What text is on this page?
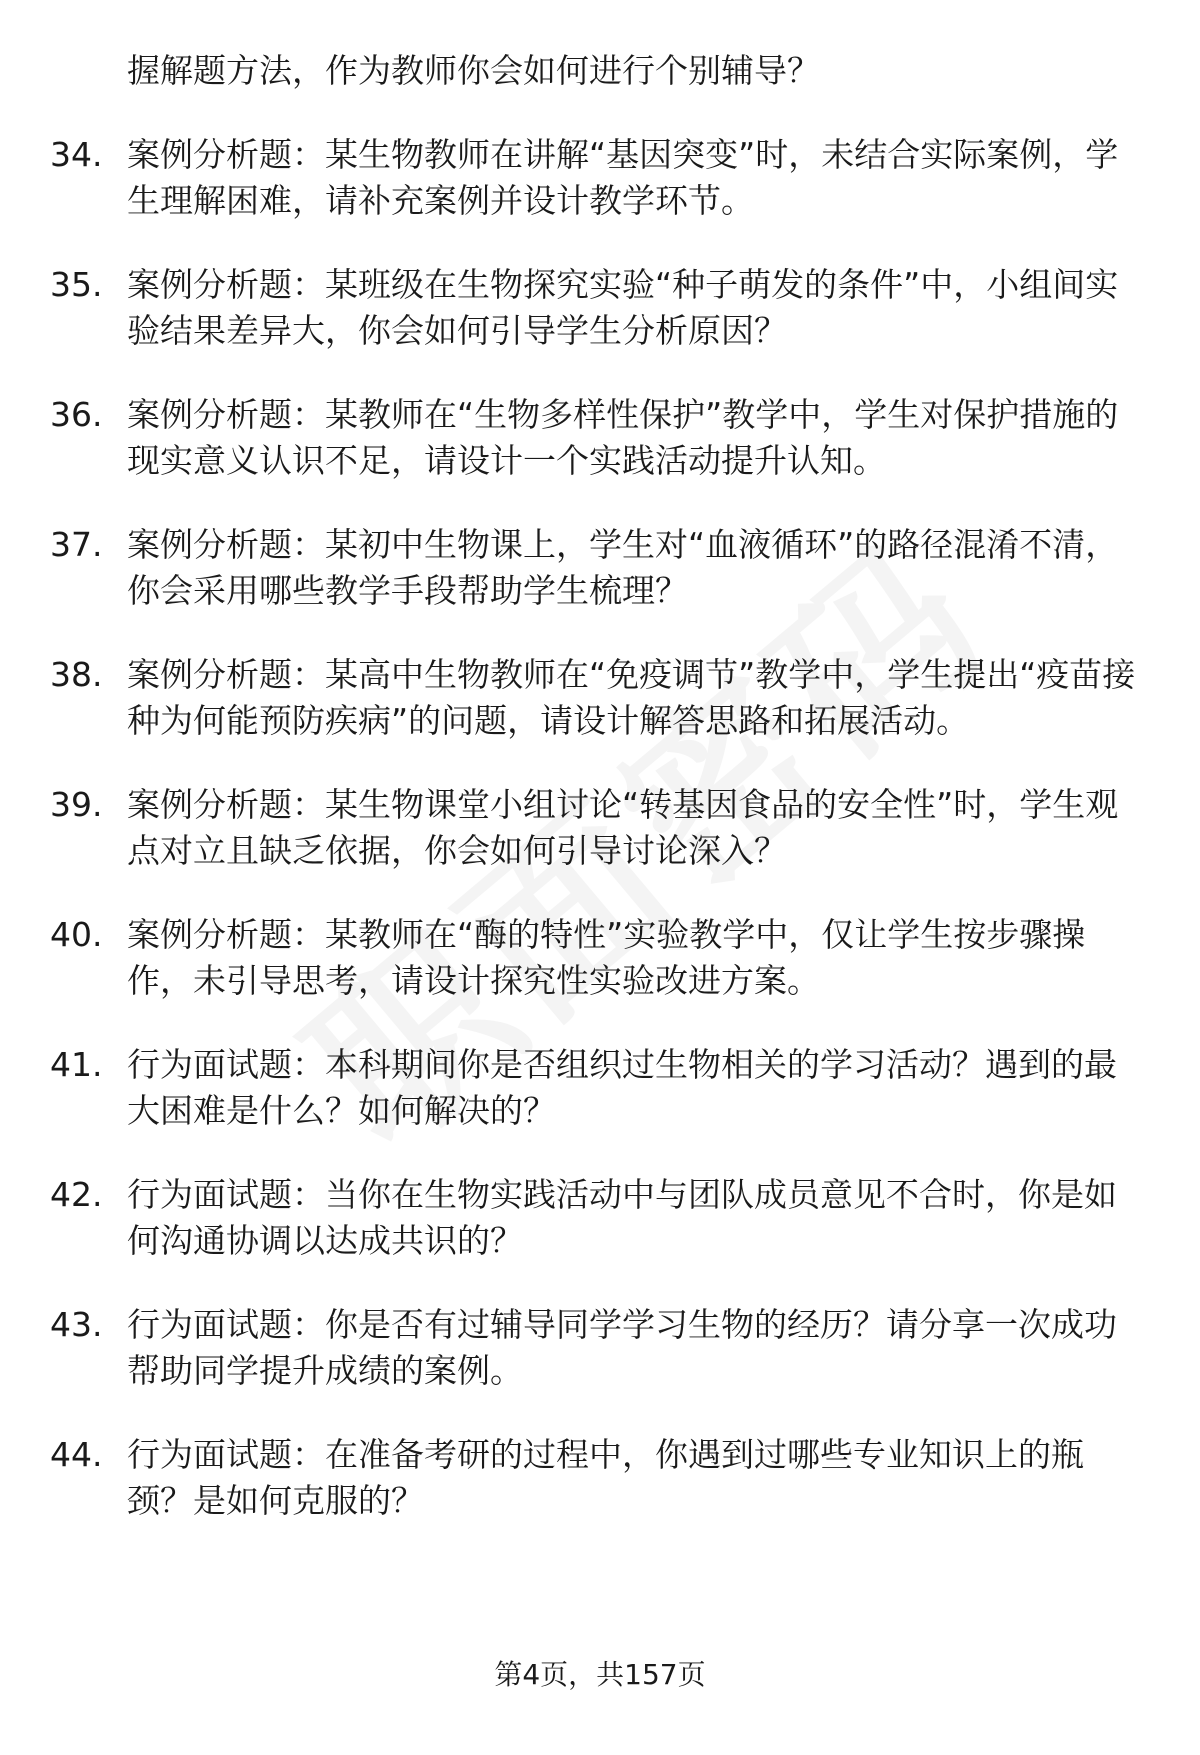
握解题方法，作为教师你会如何进行个别辅导？
34. 案例分析题：某生物教师在讲解“基因突变”时，未结合实际案例，学生理解困难，请补充案例并设计教学环节。
35. 案例分析题：某班级在生物探究实验“种子萌发的条件”中，小组间实验结果差异大，你会如何引导学生分析原因？
36. 案例分析题：某教师在“生物多样性保护”教学中，学生对保护措施的现实意义认识不足，请设计一个实践活动提升认知。
37. 案例分析题：某初中生物课上，学生对“血液循环”的路径混淆不清，你会采用哪些教学手段帮助学生梳理？
38. 案例分析题：某高中生物教师在“免疫调节”教学中，学生提出“疫苗接种为何能预防疾病”的问题，请设计解答思路和拓展活动。
39. 案例分析题：某生物课堂小组讨论“转基因食品的安全性”时，学生观点对立且缺乏依据，你会如何引导讨论深入？
40. 案例分析题：某教师在“酶的特性”实验教学中，仅让学生按步骤操作，未引导思考，请设计探究性实验改进方案。
41. 行为面试题：本科期间你是否组织过生物相关的学习活动？遇到的最大困难是什么？如何解决的？
42. 行为面试题：当你在生物实践活动中与团队成员意见不合时，你是如何沟通协调以达成共识的？
43. 行为面试题：你是否有过辅导同学学习生物的经历？请分享一次成功帮助同学提升成绩的案例。
44. 行为面试题：在准备考研的过程中，你遇到过哪些专业知识上的瓶颈？是如何克服的？
第4页，共157页
